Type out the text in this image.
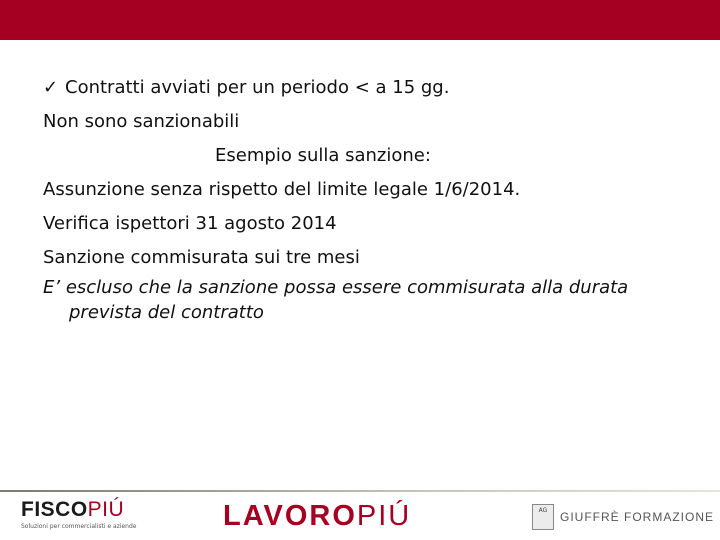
✓ Contratti avviati per un periodo < a 15 gg.
Non sono sanzionabili
Esempio sulla sanzione:
Assunzione senza rispetto del limite legale 1/6/2014.
Verifica ispettori 31 agosto 2014
Sanzione commisurata sui tre mesi
E’ escluso che la sanzione possa essere commisurata alla durata
prevista del contratto
FISCOPIÚ
Soluzioni per commercialisti e aziende	LAVOROPIÚ	AG	GIUFFRÈ FORMAZIONE
